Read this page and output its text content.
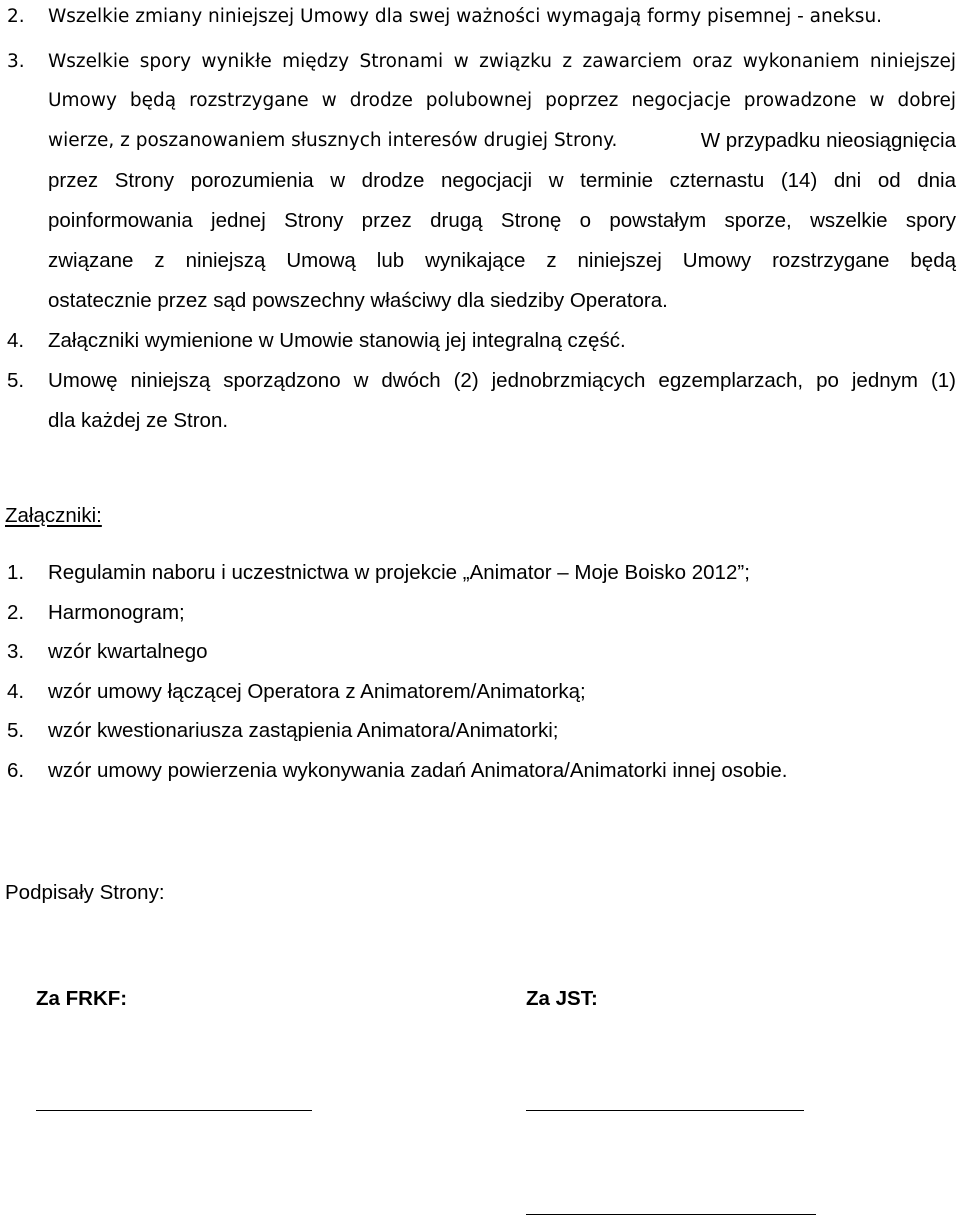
2. Wszelkie zmiany niniejszej Umowy dla swej ważności wymagają formy pisemnej - aneksu.
3. Wszelkie spory wynikłe między Stronami w związku z zawarciem oraz wykonaniem niniejszej
Umowy będą rozstrzygane w drodze polubownej poprzez negocjacje prowadzone w dobrej
wierze, z poszanowaniem słusznych interesów drugiej Strony.	W przypadku nieosiągnięcia
przez Strony porozumienia w drodze negocjacji w terminie czternastu (14) dni od dnia
poinformowania jednej Strony przez drugą Stronę o powstałym sporze, wszelkie spory
związane z niniejszą Umową lub wynikające z niniejszej Umowy rozstrzygane będą
ostatecznie przez sąd powszechny właściwy dla siedziby Operatora.
4. Załączniki wymienione w Umowie stanowią jej integralną część.
5. Umowę niniejszą sporządzono w dwóch (2) jednobrzmiących egzemplarzach, po jednym (1)
dla każdej ze Stron.
Załączniki:
1. Regulamin naboru i uczestnictwa w projekcie „Animator – Moje Boisko 2012”;
2. Harmonogram;
3. wzór kwartalnego
4. wzór umowy łączącej Operatora z Animatorem/Animatorką;
5. wzór kwestionariusza zastąpienia Animatora/Animatorki;
6. wzór umowy powierzenia wykonywania zadań Animatora/Animatorki innej osobie.
Podpisały Strony:
Za FRKF:	Za JST:
